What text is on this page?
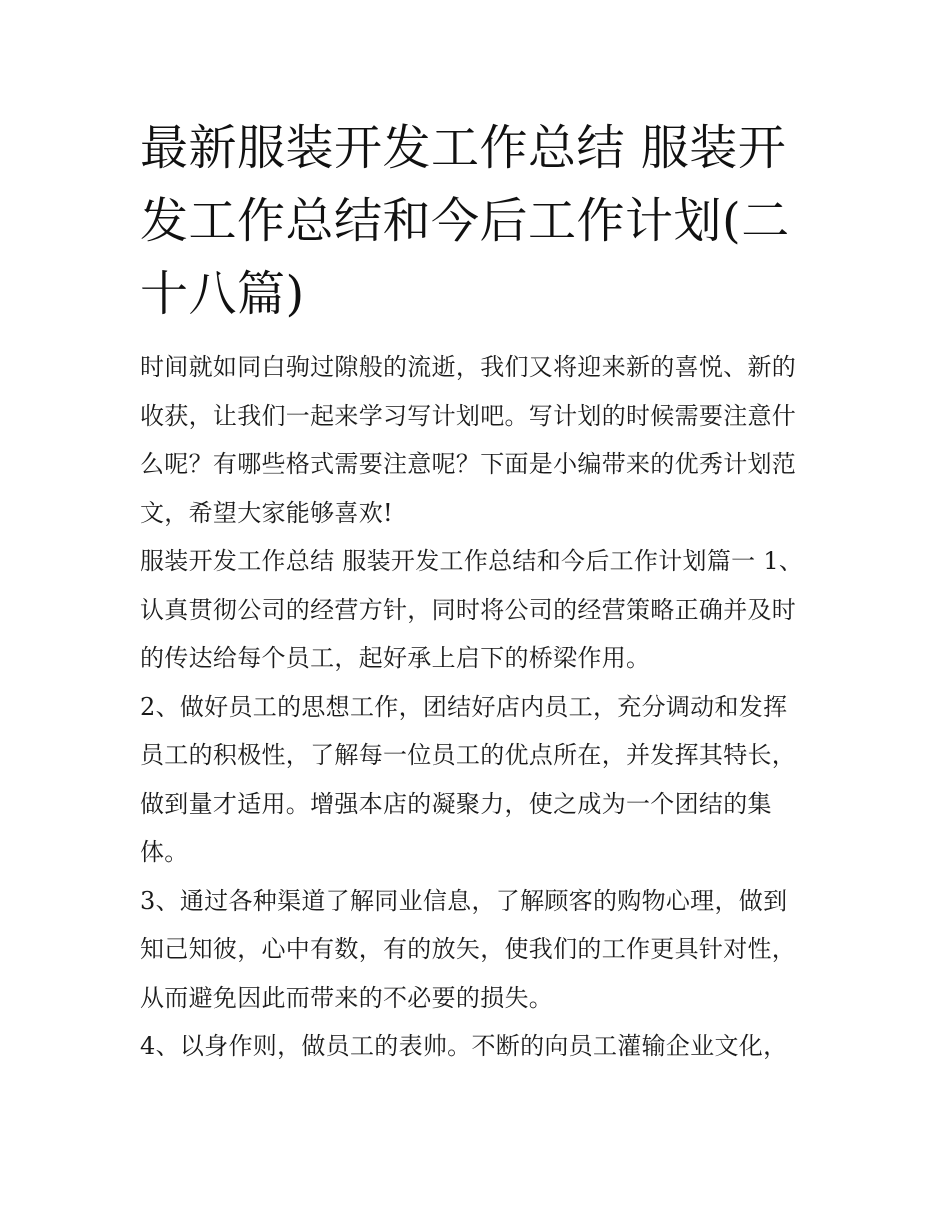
最新服装开发工作总结 服装开发工作总结和今后工作计划(二十八篇)

时间就如同白驹过隙般的流逝，我们又将迎来新的喜悦、新的收获，让我们一起来学习写计划吧。写计划的时候需要注意什么呢？有哪些格式需要注意呢？下面是小编带来的优秀计划范文，希望大家能够喜欢!

服装开发工作总结 服装开发工作总结和今后工作计划篇一 1、认真贯彻公司的经营方针，同时将公司的经营策略正确并及时的传达给每个员工，起好承上启下的桥梁作用。

2、做好员工的思想工作，团结好店内员工，充分调动和发挥员工的积极性，了解每一位员工的优点所在，并发挥其特长，做到量才适用。增强本店的凝聚力，使之成为一个团结的集体。

3、通过各种渠道了解同业信息，了解顾客的购物心理，做到知己知彼，心中有数，有的放矢，使我们的工作更具针对性，从而避免因此而带来的不必要的损失。

4、以身作则，做员工的表帅。不断的向员工灌输企业文化，
